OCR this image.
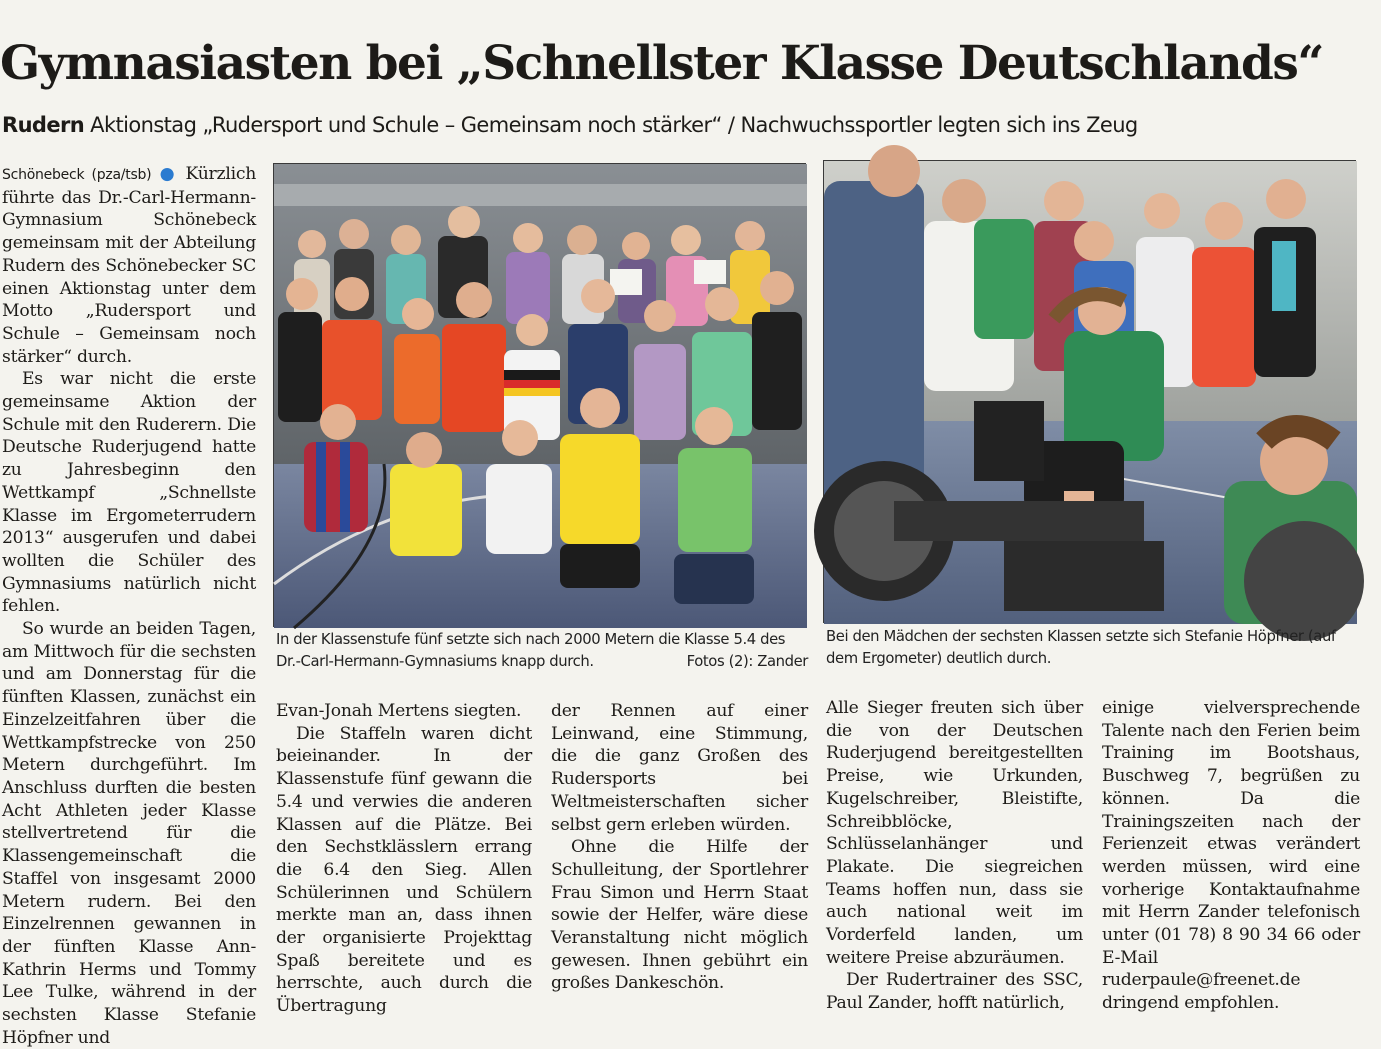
Gymnasiasten bei „Schnellster Klasse Deutschlands“
Rudern Aktionstag „Rudersport und Schule – Gemeinsam noch stärker“ / Nachwuchssportler legten sich ins Zeug

Schönebeck (pza/tsb) ● Kürzlich führte das Dr.-Carl-Hermann-Gymnasium Schönebeck gemeinsam mit der Abteilung Rudern des Schönebecker SC einen Aktionstag unter dem Motto „Rudersport und Schule – Gemeinsam noch stärker“ durch.

Es war nicht die erste gemeinsame Aktion der Schule mit den Ruderern. Die Deutsche Ruderjugend hatte zu Jahresbeginn den Wettkampf „Schnellste Klasse im Ergometerrudern 2013“ ausgerufen und dabei wollten die Schüler des Gymnasiums natürlich nicht fehlen.

So wurde an beiden Tagen, am Mittwoch für die sechsten und am Donnerstag für die fünften Klassen, zunächst ein Einzelzeitfahren über die Wettkampfstrecke von 250 Metern durchgeführt. Im Anschluss durften die besten Acht Athleten jeder Klasse stellvertretend für die Klassengemeinschaft die Staffel von insgesamt 2000 Metern rudern. Bei den Einzelrennen gewannen in der fünften Klasse Ann-Kathrin Herms und Tommy Lee Tulke, während in der sechsten Klasse Stefanie Höpfner und

In der Klassenstufe fünf setzte sich nach 2000 Metern die Klasse 5.4 des Dr.-Carl-Hermann-Gymnasiums knapp durch.	Fotos (2): Zander
Bei den Mädchen der sechsten Klassen setzte sich Stefanie Höpfner (auf dem Ergometer) deutlich durch.

Evan-Jonah Mertens siegten.

Die Staffeln waren dicht beieinander. In der Klassenstufe fünf gewann die 5.4 und verwies die anderen Klassen auf die Plätze. Bei den Sechstklässlern errang die 6.4 den Sieg. Allen Schülerinnen und Schülern merkte man an, dass ihnen der organisierte Projekttag Spaß bereitete und es herrschte, auch durch die Übertragung

der Rennen auf einer Leinwand, eine Stimmung, die die ganz Großen des Rudersports bei Weltmeisterschaften sicher selbst gern erleben würden.

Ohne die Hilfe der Schulleitung, der Sportlehrer Frau Simon und Herrn Staat sowie der Helfer, wäre diese Veranstaltung nicht möglich gewesen. Ihnen gebührt ein großes Dankeschön.

Alle Sieger freuten sich über die von der Deutschen Ruderjugend bereitgestellten Preise, wie Urkunden, Kugelschreiber, Bleistifte, Schreibblöcke, Schlüsselanhänger und Plakate. Die siegreichen Teams hoffen nun, dass sie auch national weit im Vorderfeld landen, um weitere Preise abzuräumen.

Der Rudertrainer des SSC, Paul Zander, hofft natürlich,

einige vielversprechende Talente nach den Ferien beim Training im Bootshaus, Buschweg 7, begrüßen zu können. Da die Trainingszeiten nach der Ferienzeit etwas verändert werden müssen, wird eine vorherige Kontaktaufnahme mit Herrn Zander telefonisch unter (01 78) 8 90 34 66 oder E-Mail ruderpaule@freenet.de dringend empfohlen.
